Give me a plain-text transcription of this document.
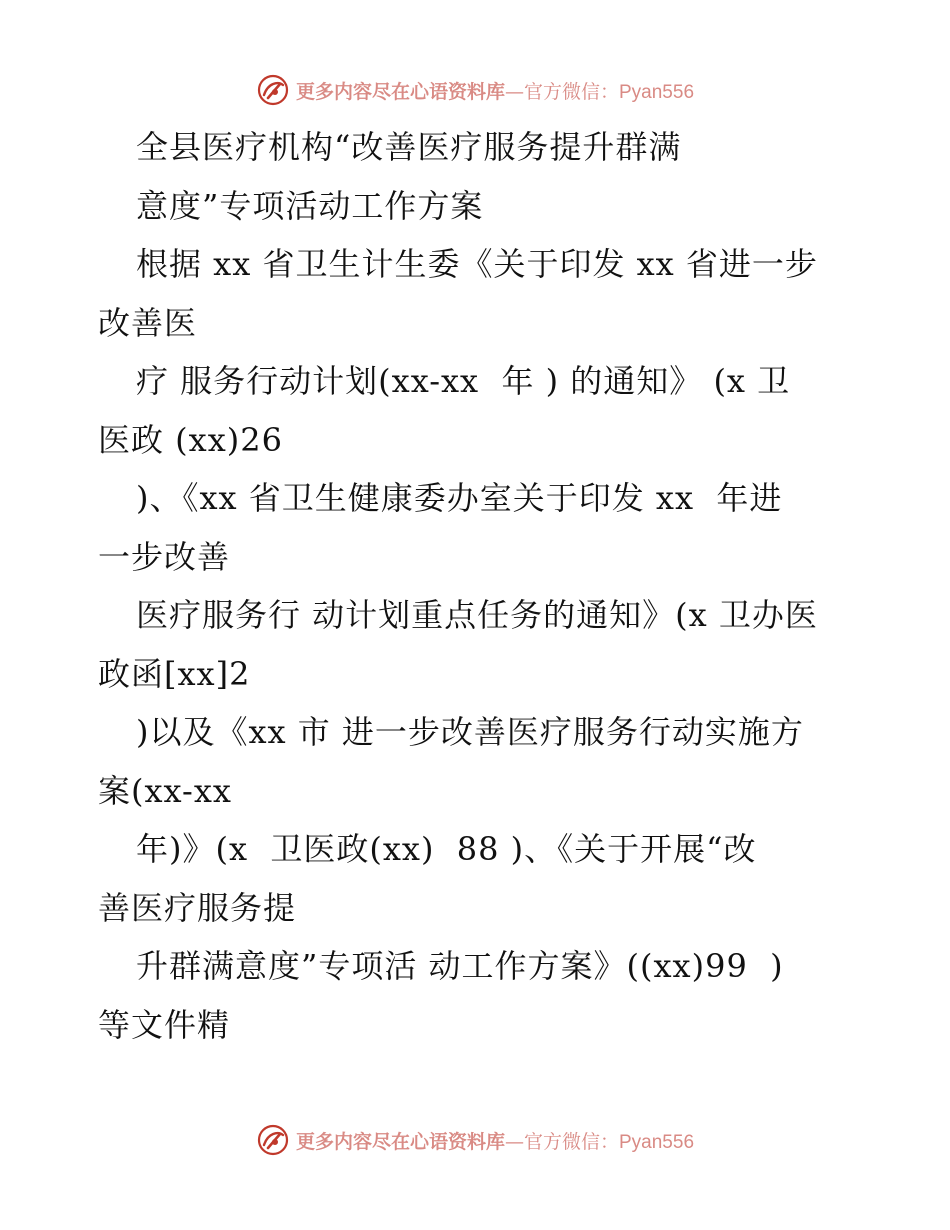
更多内容尽在心语资料库—官方微信：Pyan556
全县医疗机构“改善医疗服务提升群满
意度”专项活动工作方案
根据 xx 省卫生计生委《关于印发 xx 省进一步
改善医
疗 服务行动计划(xx-xx  年 ) 的通知》 (x 卫
医政 (xx)26
)、《xx 省卫生健康委办室关于印发 xx  年进
一步改善
医疗服务行 动计划重点任务的通知》(x 卫办医
政函[xx]2
)以及《xx 市 进一步改善医疗服务行动实施方
案(xx-xx
年)》(x  卫医政(xx)  88 )、《关于开展“改
善医疗服务提
升群满意度”专项活 动工作方案》((xx)99  )
等文件精
更多内容尽在心语资料库—官方微信：Pyan556
